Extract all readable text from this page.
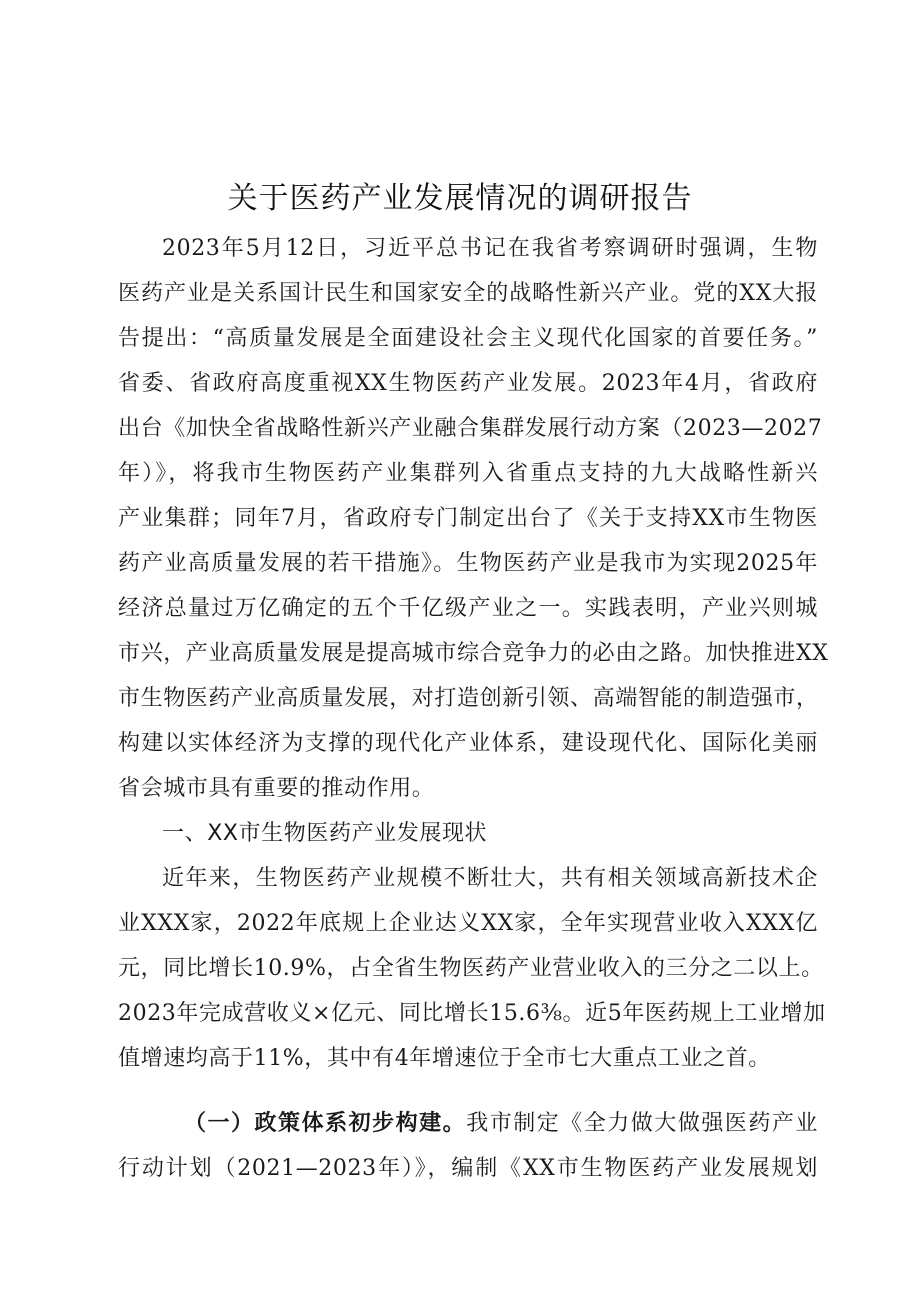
关于医药产业发展情况的调研报告
2023年5月12日，习近平总书记在我省考察调研时强调，生物
医药产业是关系国计民生和国家安全的战略性新兴产业。党的XX大报
告提出：“高质量发展是全面建设社会主义现代化国家的首要任务。”
省委、省政府高度重视XX生物医药产业发展。2023年4月，省政府
出台《加快全省战略性新兴产业融合集群发展行动方案（2023—2027
年）》，将我市生物医药产业集群列入省重点支持的九大战略性新兴
产业集群；同年7月，省政府专门制定出台了《关于支持XX市生物医
药产业高质量发展的若干措施》。生物医药产业是我市为实现2025年
经济总量过万亿确定的五个千亿级产业之一。实践表明，产业兴则城
市兴，产业高质量发展是提高城市综合竞争力的必由之路。加快推进XX
市生物医药产业高质量发展，对打造创新引领、高端智能的制造强市，
构建以实体经济为支撑的现代化产业体系，建设现代化、国际化美丽
省会城市具有重要的推动作用。
一、XX市生物医药产业发展现状
近年来，生物医药产业规模不断壮大，共有相关领域高新技术企
业XXX家，2022年底规上企业达义XX家，全年实现营业收入XXX亿
元，同比增长10.9%，占全省生物医药产业营业收入的三分之二以上。
2023年完成营收义×亿元、同比增长15.6⅜。近5年医药规上工业增加
值增速均高于11%，其中有4年增速位于全市七大重点工业之首。
（一）政策体系初步构建。我市制定《全力做大做强医药产业
行动计划（2021—2023年）》，编制《XX市生物医药产业发展规划
